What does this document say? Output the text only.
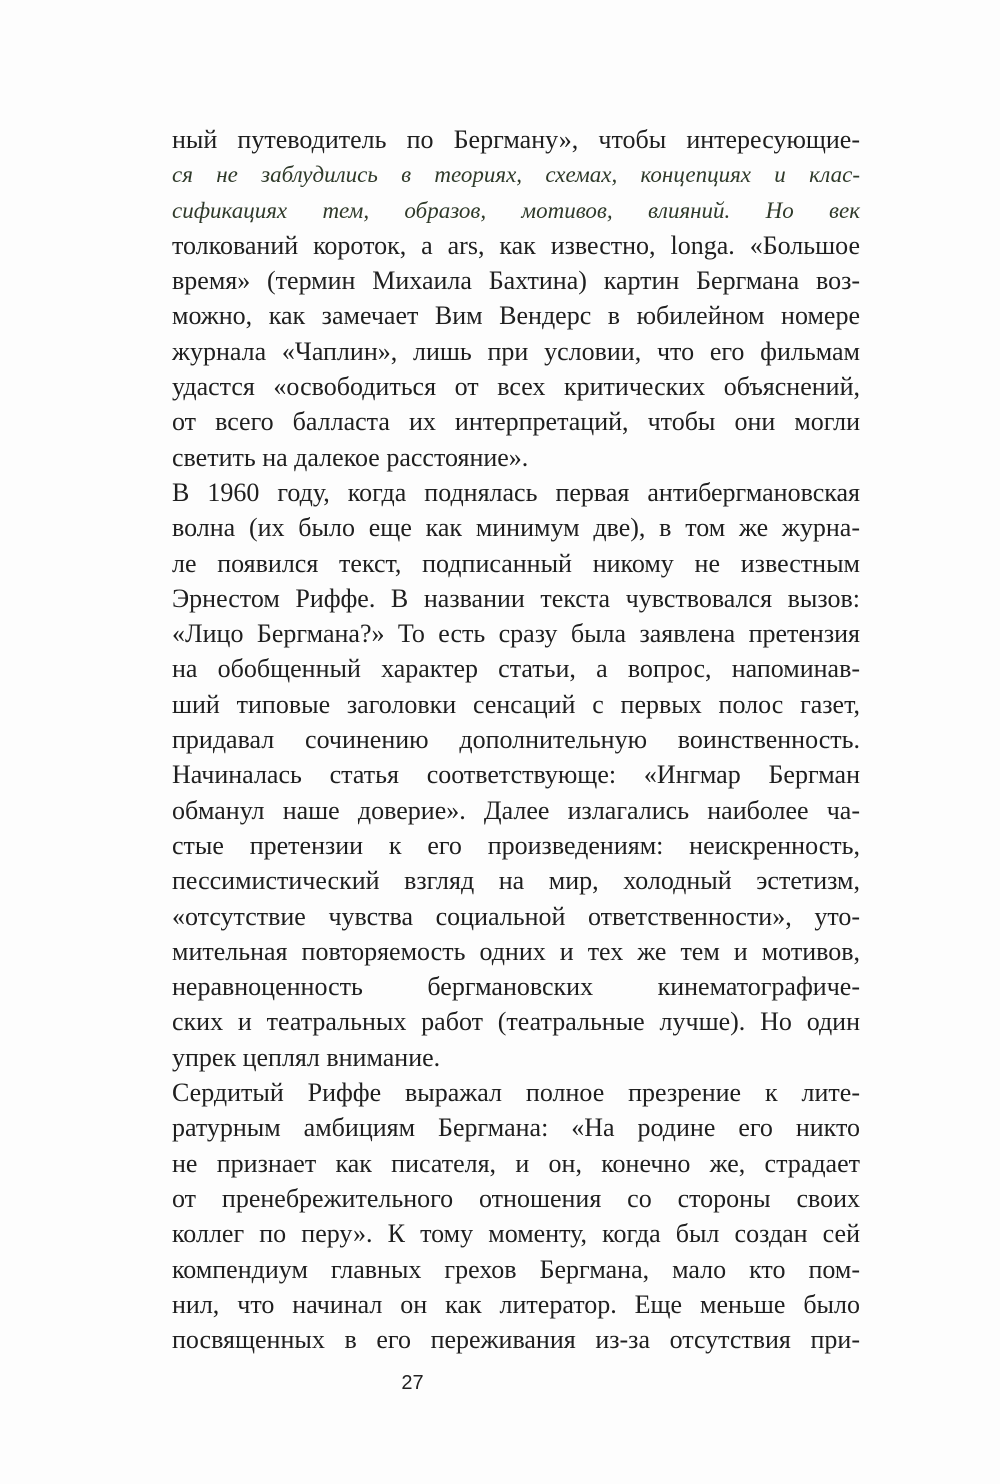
ный путеводитель по Бергману», чтобы интересующие-
ся не заблудились в теориях, схемах, концепциях и клас-
сификациях тем, образов, мотивов, влияний. Но век
толкований короток, а ars, как известно, longa. «Большое
время» (термин Михаила Бахтина) картин Бергмана воз-
можно, как замечает Вим Вендерс в юбилейном номере
журнала «Чаплин», лишь при условии, что его фильмам
удастся «освободиться от всех критических объяснений,
от всего балласта их интерпретаций, чтобы они могли
светить на далекое расстояние».
В 1960 году, когда поднялась первая антибергмановская
волна (их было еще как минимум две), в том же журна-
ле появился текст, подписанный никому не известным
Эрнестом Риффе. В названии текста чувствовался вызов:
«Лицо Бергмана?» То есть сразу была заявлена претензия
на обобщенный характер статьи, а вопрос, напоминав-
ший типовые заголовки сенсаций с первых полос газет,
придавал сочинению дополнительную воинственность.
Начиналась статья соответствующе: «Ингмар Бергман
обманул наше доверие». Далее излагались наиболее ча-
стые претензии к его произведениям: неискренность,
пессимистический взгляд на мир, холодный эстетизм,
«отсутствие чувства социальной ответственности», уто-
мительная повторяемость одних и тех же тем и мотивов,
неравноценность бергмановских кинематографиче-
ских и театральных работ (театральные лучше). Но один
упрек цеплял внимание.
Сердитый Риффе выражал полное презрение к лите-
ратурным амбициям Бергмана: «На родине его никто
не признает как писателя, и он, конечно же, страдает
от пренебрежительного отношения со стороны своих
коллег по перу». К тому моменту, когда был создан сей
компендиум главных грехов Бергмана, мало кто пом-
нил, что начинал он как литератор. Еще меньше было
посвященных в его переживания из-за отсутствия при-
27
